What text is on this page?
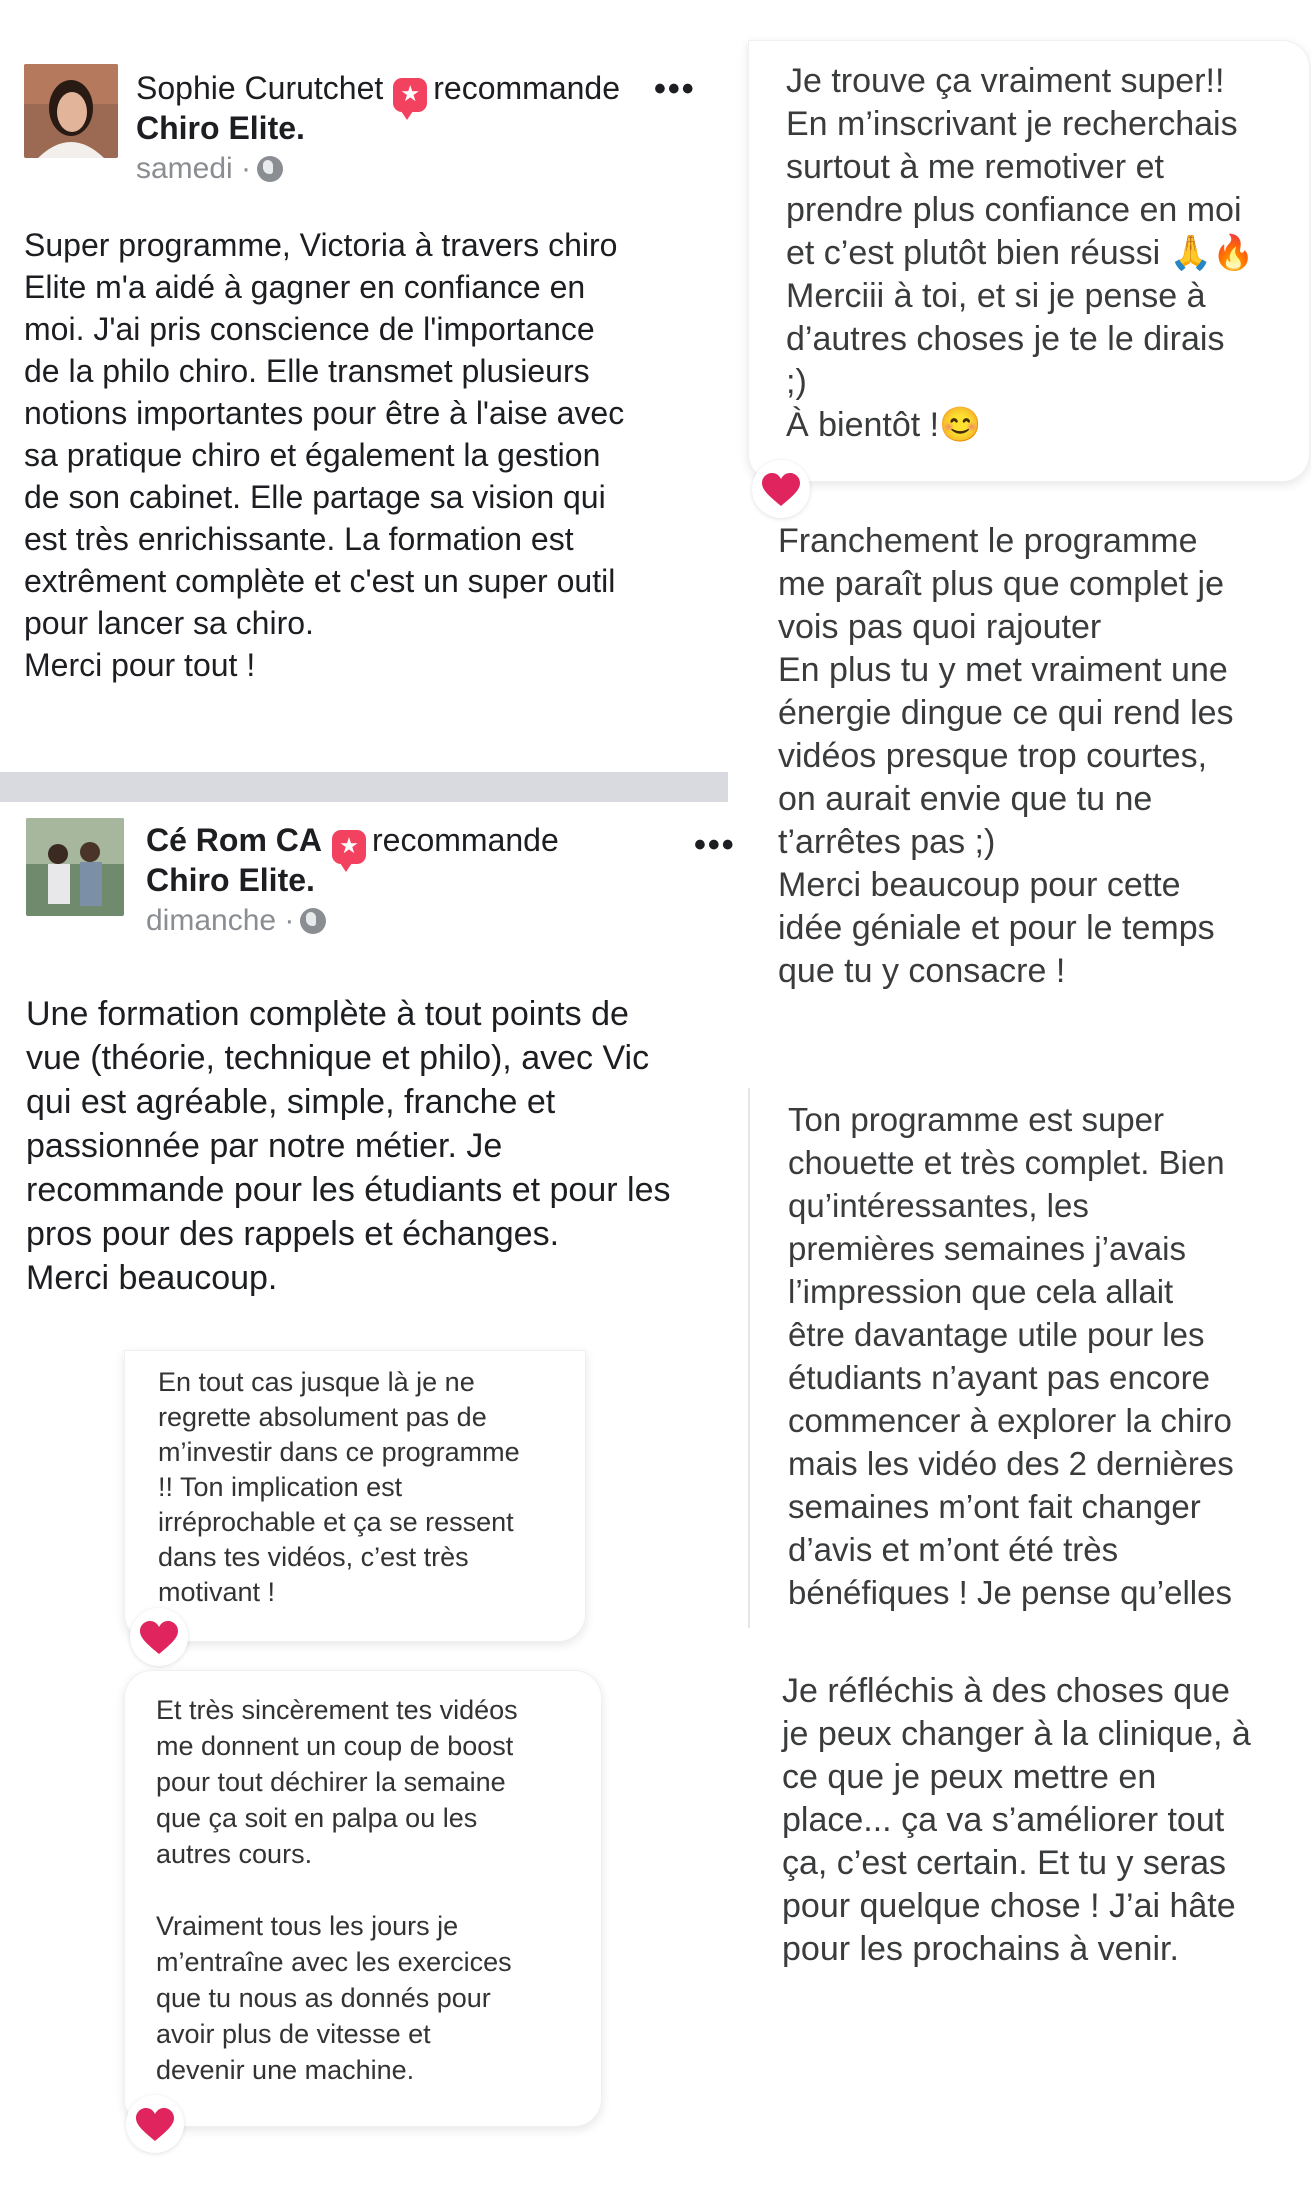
Sophie Curutchet ★ recommande
Chiro Elite.
samedi ·
•••
Super programme, Victoria à travers chiro
Elite m'a aidé à gagner en confiance en
moi. J'ai pris conscience de l'importance
de la philo chiro. Elle transmet plusieurs
notions importantes pour être à l'aise avec
sa pratique chiro et également la gestion
de son cabinet. Elle partage sa vision qui
est très enrichissante. La formation est
extrêment complète et c'est un super outil
pour lancer sa chiro.
Merci pour tout !
Cé Rom CA ★ recommande
Chiro Elite.
dimanche ·
•••
Une formation complète à tout points de
vue (théorie, technique et philo), avec Vic
qui est agréable, simple, franche et
passionnée par notre métier. Je
recommande pour les étudiants et pour les
pros pour des rappels et échanges.
Merci beaucoup.
Je trouve ça vraiment super!!
En m’inscrivant je recherchais
surtout à me remotiver et
prendre plus confiance en moi
et c’est plutôt bien réussi 🙏🔥
Merciii à toi, et si je pense à
d’autres choses je te le dirais
;)
À bientôt !😊
Franchement le programme
me paraît plus que complet je
vois pas quoi rajouter
En plus tu y met vraiment une
énergie dingue ce qui rend les
vidéos presque trop courtes,
on aurait envie que tu ne
t’arrêtes pas ;)
Merci beaucoup pour cette
idée géniale et pour le temps
que tu y consacre !
Ton programme est super
chouette et très complet. Bien
qu’intéressantes, les
premières semaines j’avais
l’impression que cela allait
être davantage utile pour les
étudiants n’ayant pas encore
commencer à explorer la chiro
mais les vidéo des 2 dernières
semaines m’ont fait changer
d’avis et m’ont été très
bénéfiques ! Je pense qu’elles
Je réfléchis à des choses que
je peux changer à la clinique, à
ce que je peux mettre en
place... ça va s’améliorer tout
ça, c’est certain. Et tu y seras
pour quelque chose ! J’ai hâte
pour les prochains à venir.
En tout cas jusque là je ne
regrette absolument pas de
m’investir dans ce programme
!! Ton implication est
irréprochable et ça se ressent
dans tes vidéos, c’est très
motivant !
Et très sincèrement tes vidéos
me donnent un coup de boost
pour tout déchirer la semaine
que ça soit en palpa ou les
autres cours.

Vraiment tous les jours je
m’entraîne avec les exercices
que tu nous as donnés pour
avoir plus de vitesse et
devenir une machine.
